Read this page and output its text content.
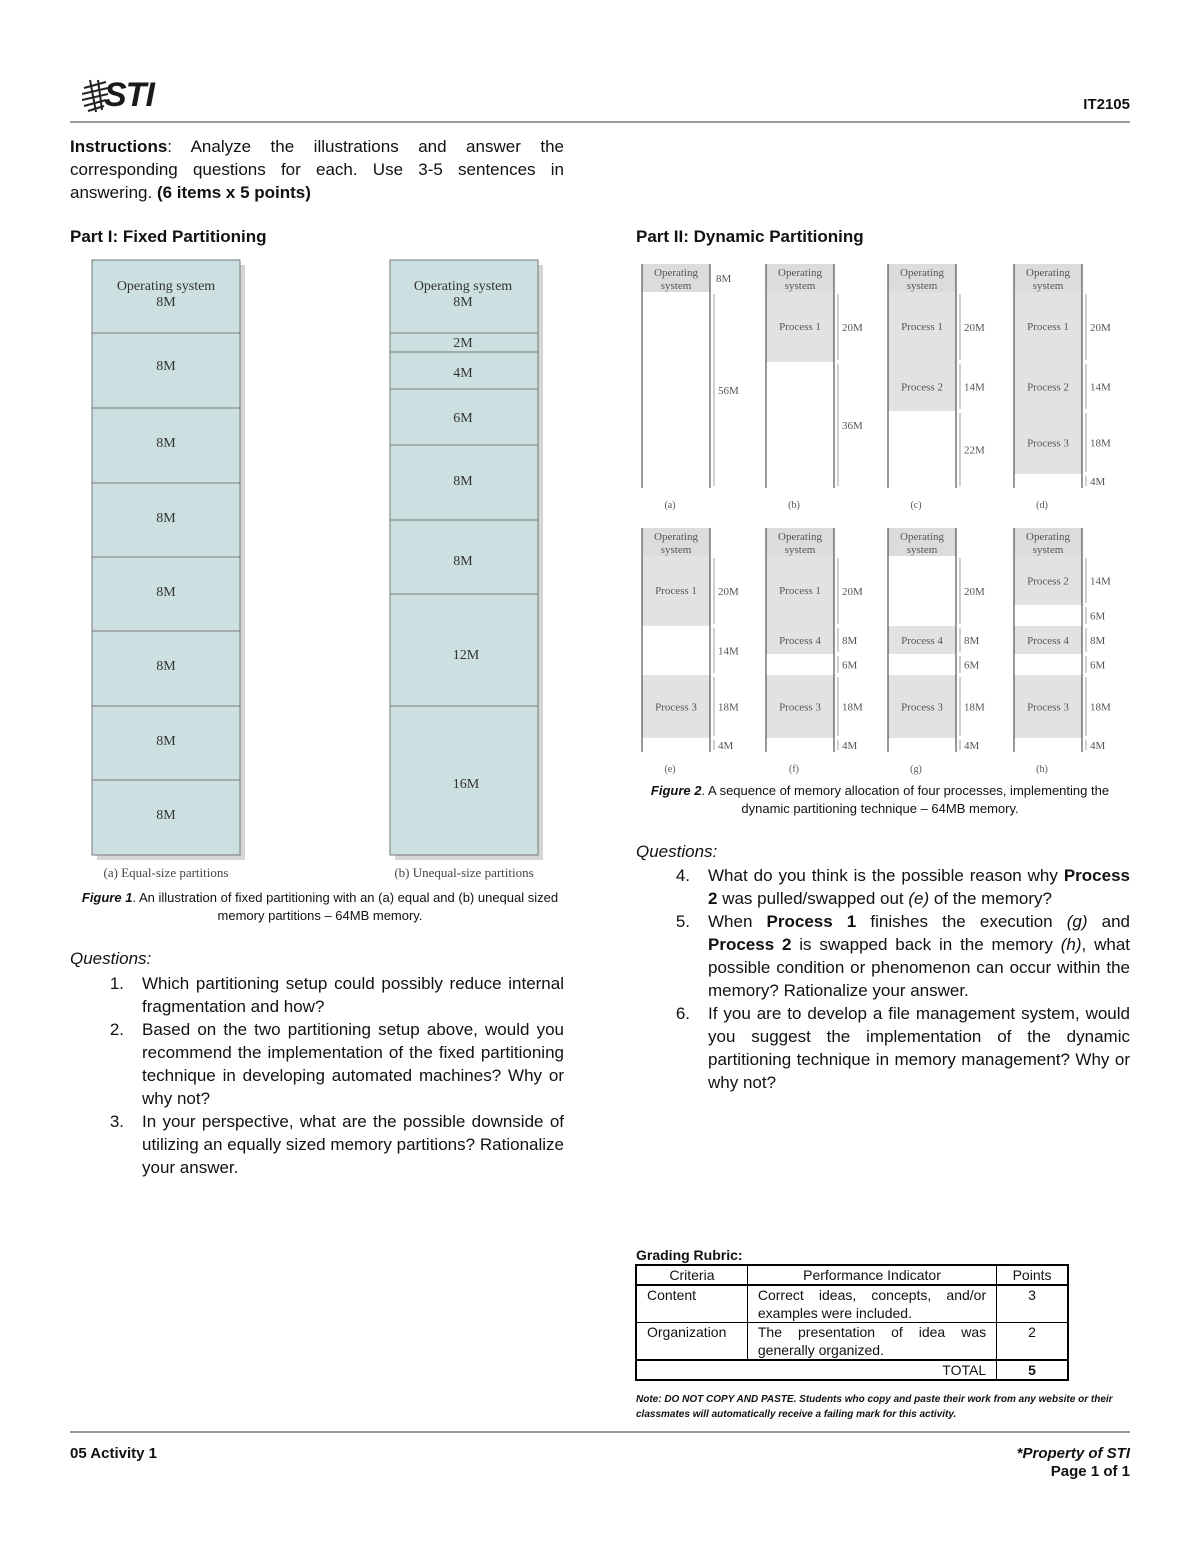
STI	IT2105
Instructions: Analyze the illustrations and answer the corresponding questions for each. Use 3-5 sentences in answering. (6 items x 5 points)
Part I: Fixed Partitioning	Part II: Dynamic Partitioning
Operating system
8M
8M
8M
8M
8M
8M
8M
8M
(a) Equal-size partitions
Operating system
8M
2M
4M
6M
8M
8M
12M
16M
(b) Unequal-size partitions
Figure 1. An illustration of fixed partitioning with an (a) equal and (b) unequal sized memory partitions – 64MB memory.
Questions:
1. Which partitioning setup could possibly reduce internal fragmentation and how?
2. Based on the two partitioning setup above, would you recommend the implementation of the fixed partitioning technique in developing automated machines? Why or why not?
3. In your perspective, what are the possible downside of utilizing an equally sized memory partitions? Rationalize your answer.
Operating
system
8M
56M
(a)
Operating
system
Process 1 20M
36M
(b)
Operating
system
Process 1 20M
Process 2 14M
22M
(c)
Operating
system
Process 1 20M
Process 2 14M
Process 3 18M
4M
(d)
Operating
system
Process 1 20M
14M
Process 3 18M
4M
(e)
Operating
system
Process 1 20M
Process 4 8M
6M
Process 3 18M
4M
(f)
Operating
system
20M
Process 4 8M
6M
Process 3 18M
4M
(g)
Operating
system
Process 2 14M
6M
Process 4 8M
6M
Process 3 18M
4M
(h)
Figure 2. A sequence of memory allocation of four processes, implementing the dynamic partitioning technique – 64MB memory.
Questions:
4. What do you think is the possible reason why Process 2 was pulled/swapped out (e) of the memory?
5. When Process 1 finishes the execution (g) and Process 2 is swapped back in the memory (h), what possible condition or phenomenon can occur within the memory? Rationalize your answer.
6. If you are to develop a file management system, would you suggest the implementation of the dynamic partitioning technique in memory management? Why or why not?
Grading Rubric:
Criteria	Performance Indicator	Points
Content	Correct ideas, concepts, and/or examples were included.	3
Organization	The presentation of idea was generally organized.	2
TOTAL		5
Note: DO NOT COPY AND PASTE. Students who copy and paste their work from any website or their classmates will automatically receive a failing mark for this activity.
05 Activity 1	*Property of STI
Page 1 of 1
